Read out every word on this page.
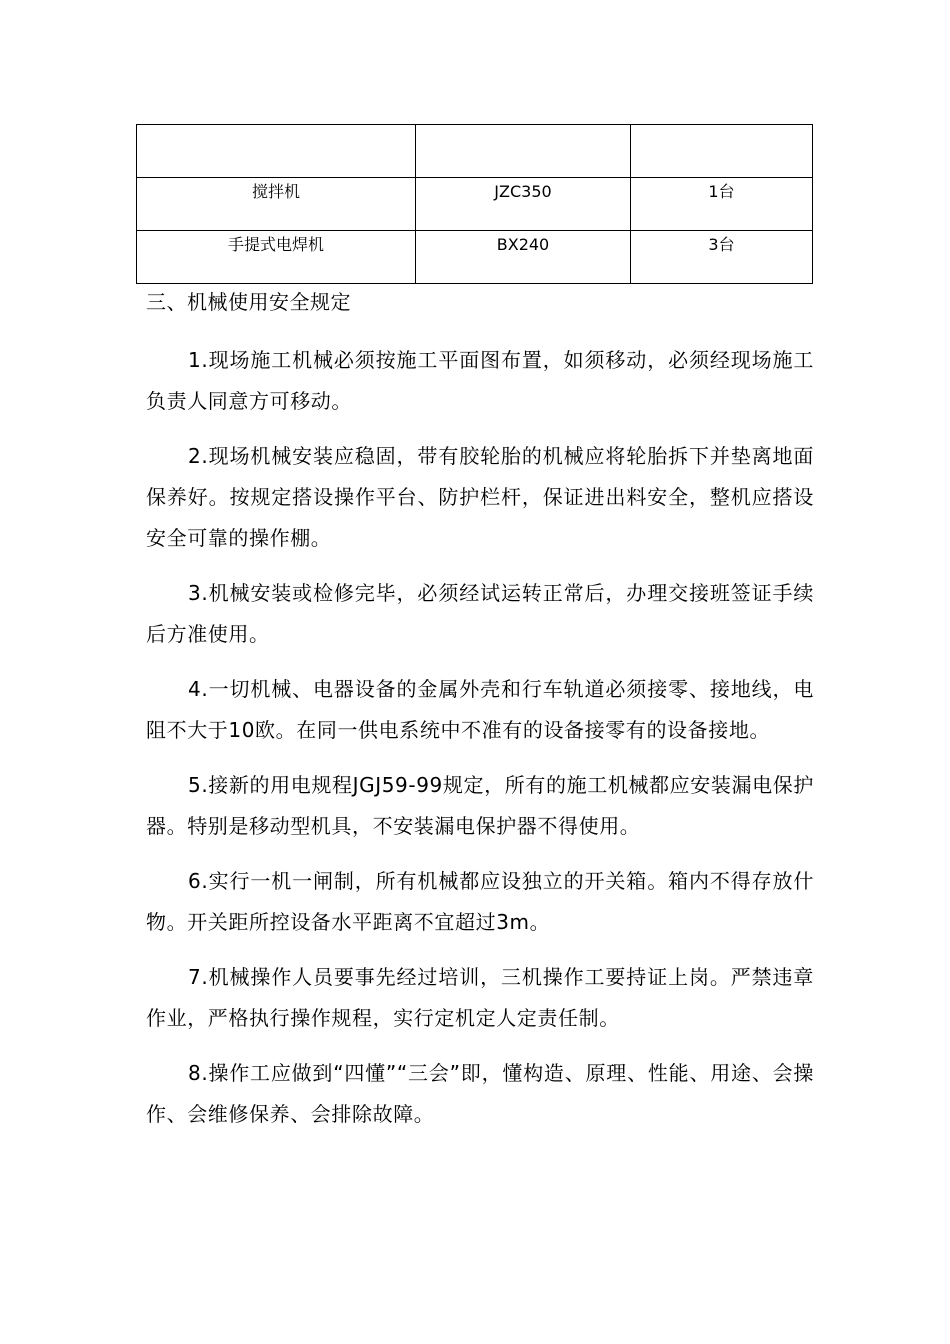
搅拌机	JZC350	1台
手提式电焊机	BX240	3台
三、机械使用安全规定

1.现场施工机械必须按施工平面图布置，如须移动，必须经现场施工负责人同意方可移动。

2.现场机械安装应稳固，带有胶轮胎的机械应将轮胎拆下并垫离地面保养好。按规定搭设操作平台、防护栏杆，保证进出料安全，整机应搭设安全可靠的操作棚。

3.机械安装或检修完毕，必须经试运转正常后，办理交接班签证手续后方准使用。

4.一切机械、电器设备的金属外壳和行车轨道必须接零、接地线，电阻不大于10欧。在同一供电系统中不准有的设备接零有的设备接地。

5.接新的用电规程JGJ59-99规定，所有的施工机械都应安装漏电保护器。特别是移动型机具，不安装漏电保护器不得使用。

6.实行一机一闸制，所有机械都应设独立的开关箱。箱内不得存放什物。开关距所控设备水平距离不宜超过3m。

7.机械操作人员要事先经过培训，三机操作工要持证上岗。严禁违章作业，严格执行操作规程，实行定机定人定责任制。

8.操作工应做到“四懂”“三会”即，懂构造、原理、性能、用途、会操作、会维修保养、会排除故障。
